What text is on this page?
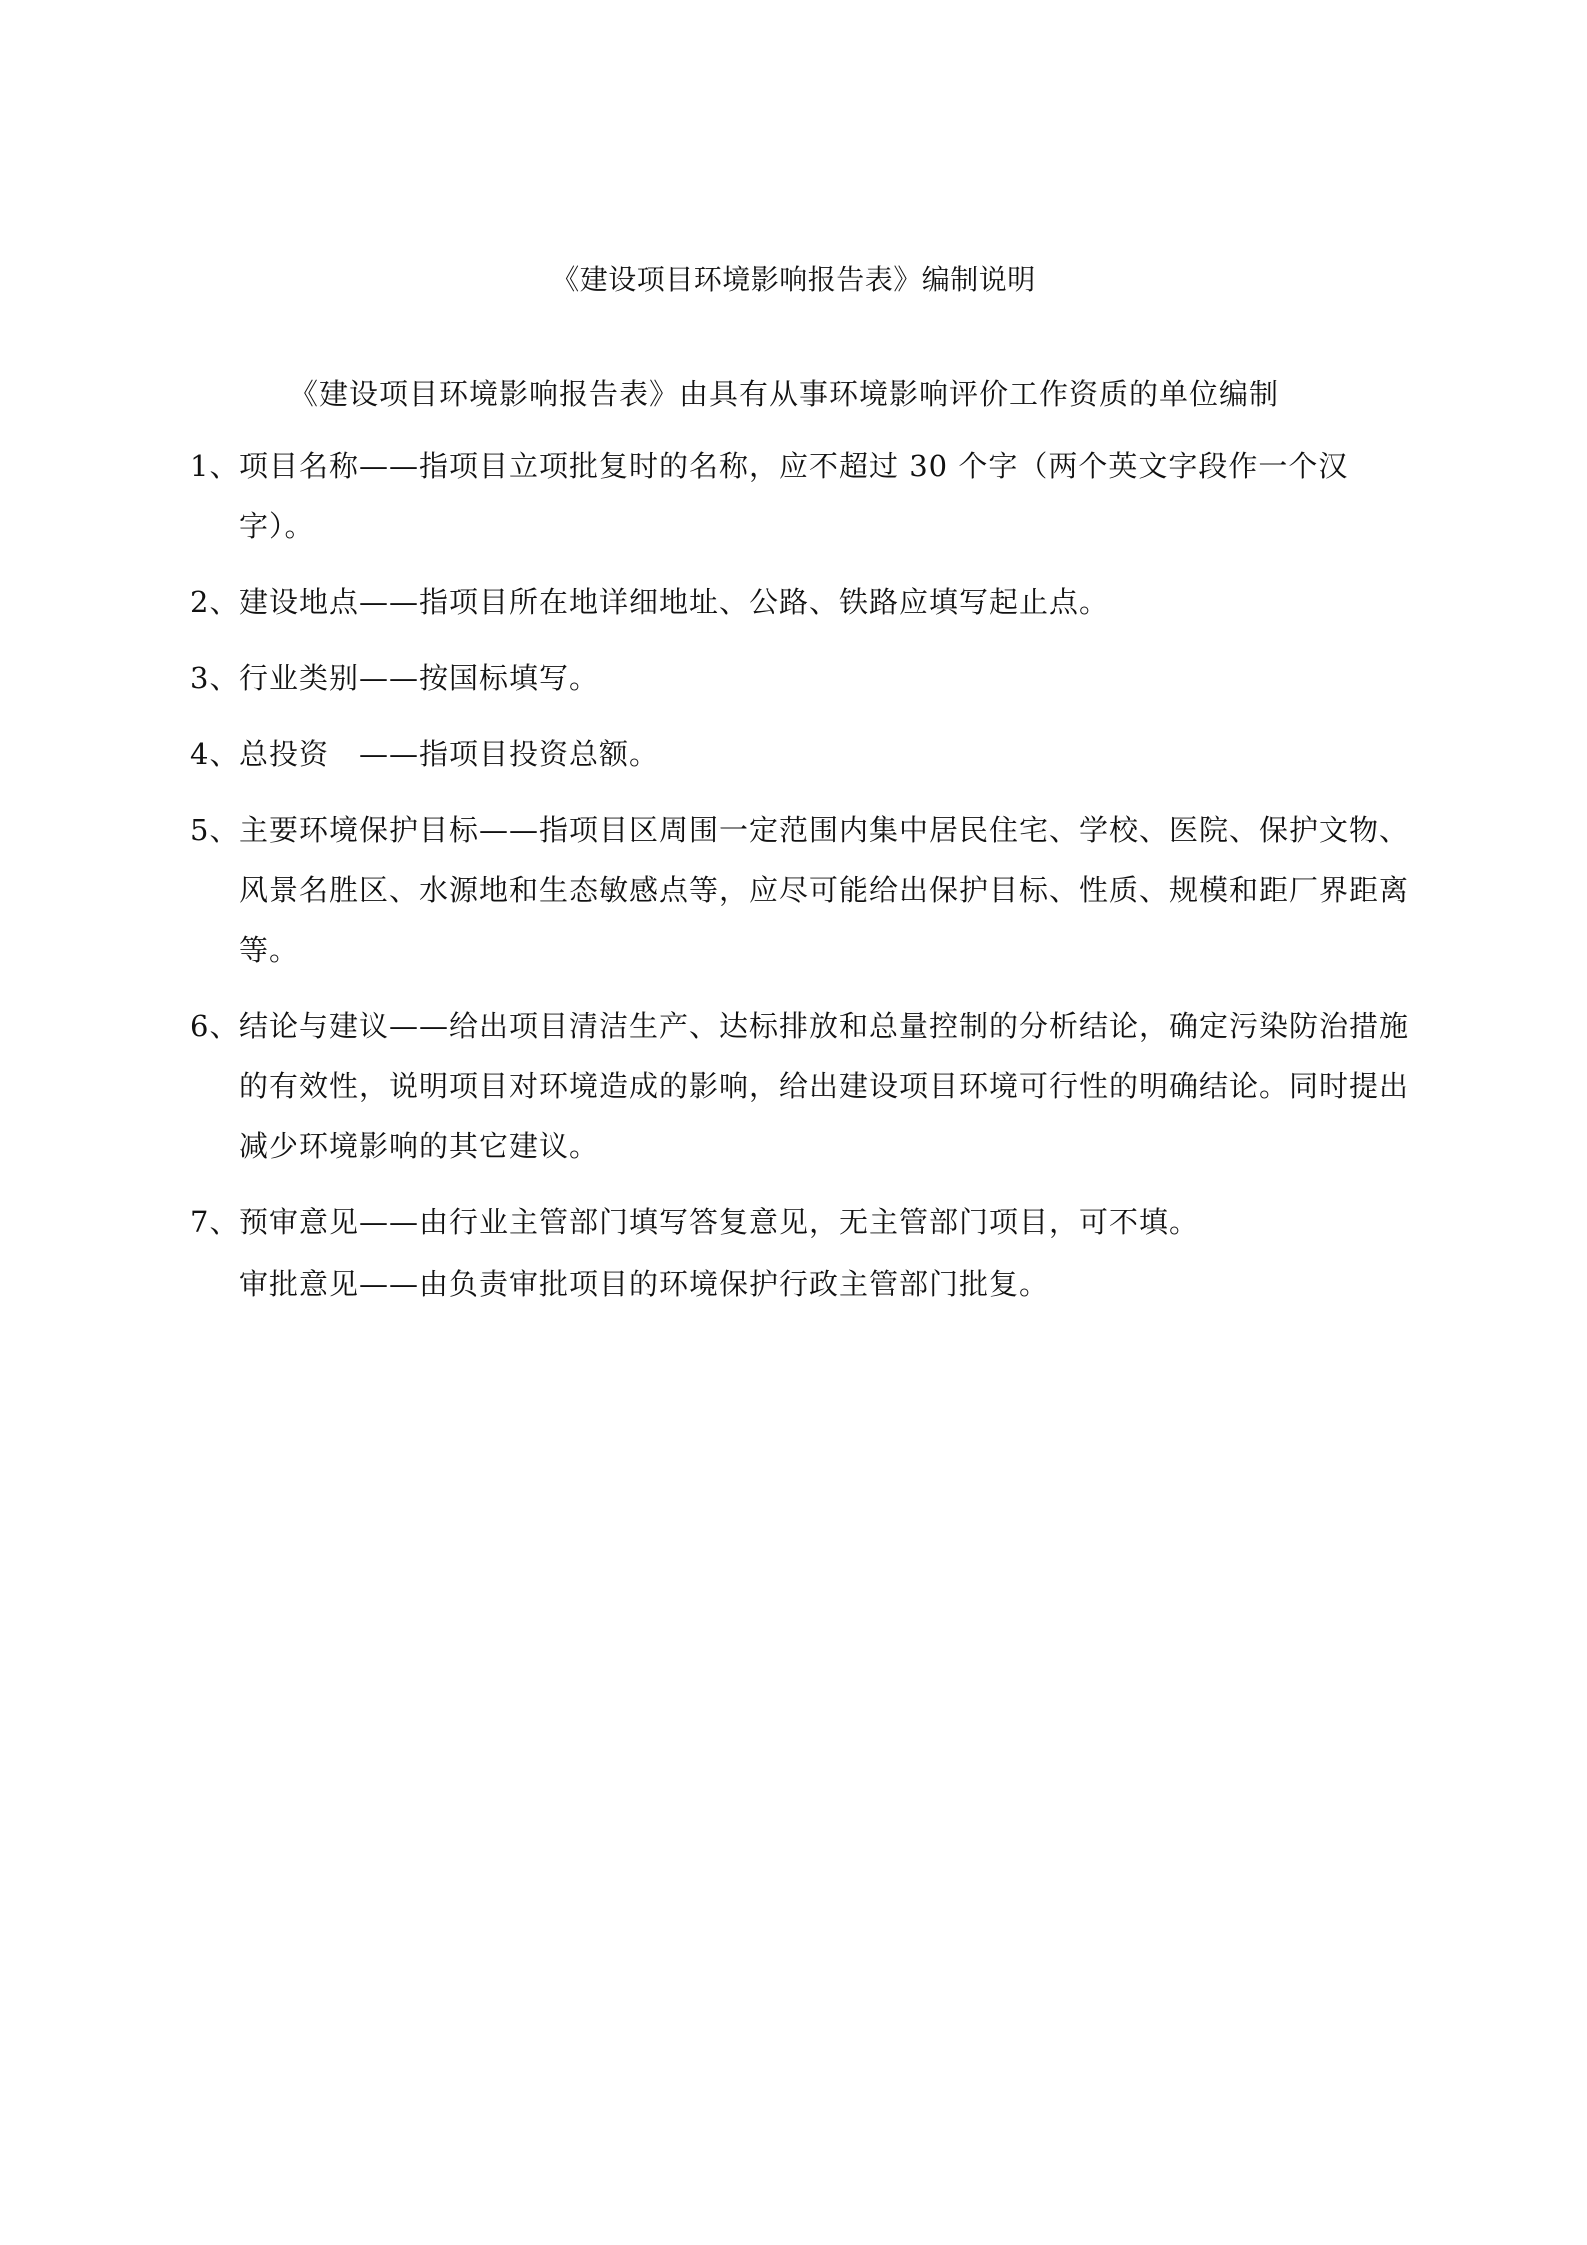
《建设项目环境影响报告表》编制说明
《建设项目环境影响报告表》由具有从事环境影响评价工作资质的单位编制
1、 项目名称——指项目立项批复时的名称，应不超过 30 个字（两个英文字段作一个汉字）。
2、 建设地点——指项目所在地详细地址、公路、铁路应填写起止点。
3、 行业类别——按国标填写。
4、 总投资　——指项目投资总额。
5、 主要环境保护目标——指项目区周围一定范围内集中居民住宅、学校、医院、保护文物、风景名胜区、水源地和生态敏感点等，应尽可能给出保护目标、性质、规模和距厂界距离等。
6、 结论与建议——给出项目清洁生产、达标排放和总量控制的分析结论，确定污染防治措施的有效性，说明项目对环境造成的影响，给出建设项目环境可行性的明确结论。同时提出减少环境影响的其它建议。
7、 预审意见——由行业主管部门填写答复意见，无主管部门项目，可不填。
审批意见——由负责审批项目的环境保护行政主管部门批复。
